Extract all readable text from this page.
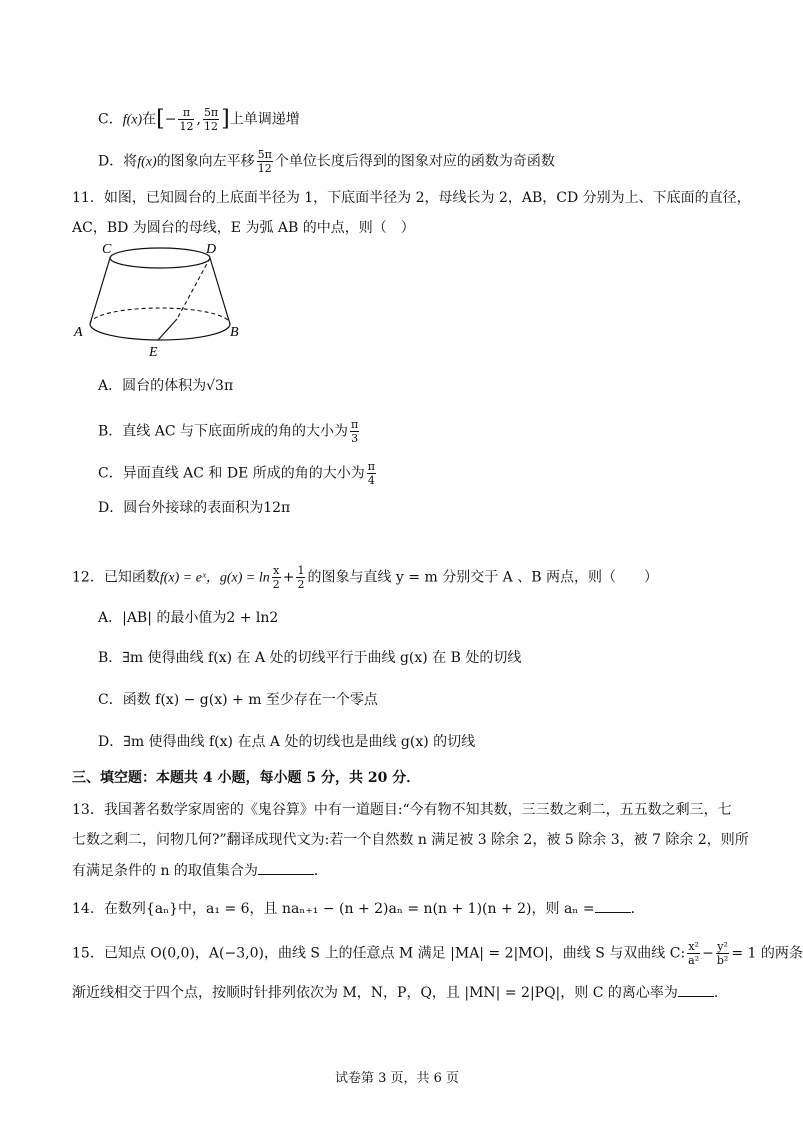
C．f(x)在[− $\frac{\pi}{12}$ , $\frac{5\pi}{12}$ ]上单调递增
D．将f(x)的图象向左平移 $\frac{5\pi}{12}$ 个单位长度后得到的图象对应的函数为奇函数
11．如图，已知圆台的上底面半径为 1，下底面半径为 2，母线长为 2，AB，CD 分别为上、下底面的直径，
AC，BD 为圆台的母线，E 为弧 AB 的中点，则（　）
C	D
A	B
E
A．圆台的体积为√3π
B．直线 AC 与下底面所成的角的大小为 $\frac{\pi}{3}$
C．异面直线 AC 和 DE 所成的角的大小为 $\frac{\pi}{4}$
D．圆台外接球的表面积为12π
12．已知函数f(x) = eˣ，$g(x) = \ln \frac{x}{2} + \frac{1}{2}$ 的图象与直线 y = m 分别交于 A 、B 两点，则（　　）
A．|AB| 的最小值为2 + ln2
B．∃m 使得曲线 f(x) 在 A 处的切线平行于曲线 g(x) 在 B 处的切线
C．函数 f(x) − g(x) + m 至少存在一个零点
D．∃m 使得曲线 f(x) 在点 A 处的切线也是曲线 g(x) 的切线
三、填空题：本题共 4 小题，每小题 5 分，共 20 分．
13．我国著名数学家周密的《鬼谷算》中有一道题目:“今有物不知其数，三三数之剩二，五五数之剩三，七
七数之剩二，问物几何?”翻译成现代文为:若一个自然数 n 满足被 3 除余 2，被 5 除余 3，被 7 除余 2，则所
有满足条件的 n 的取值集合为	．
14．在数列{aₙ}中，a₁ = 6，且 naₙ₊₁ − (n + 2)aₙ = n(n + 1)(n + 2)，则 aₙ =	．
15．已知点 O(0,0)，A(−3,0)，曲线 S 上的任意点 M 满足 |MA| = 2|MO|，曲线 S 与双曲线 C: $\frac{\text{x²}}{\text{a²}} - \frac{\text{y²}}{\text{b²}} = 1$ 的两条
渐近线相交于四个点，按顺时针排列依次为 M，N，P，Q，且 |MN| = 2|PQ|，则 C 的离心率为	．
试卷第 3 页，共 6 页
